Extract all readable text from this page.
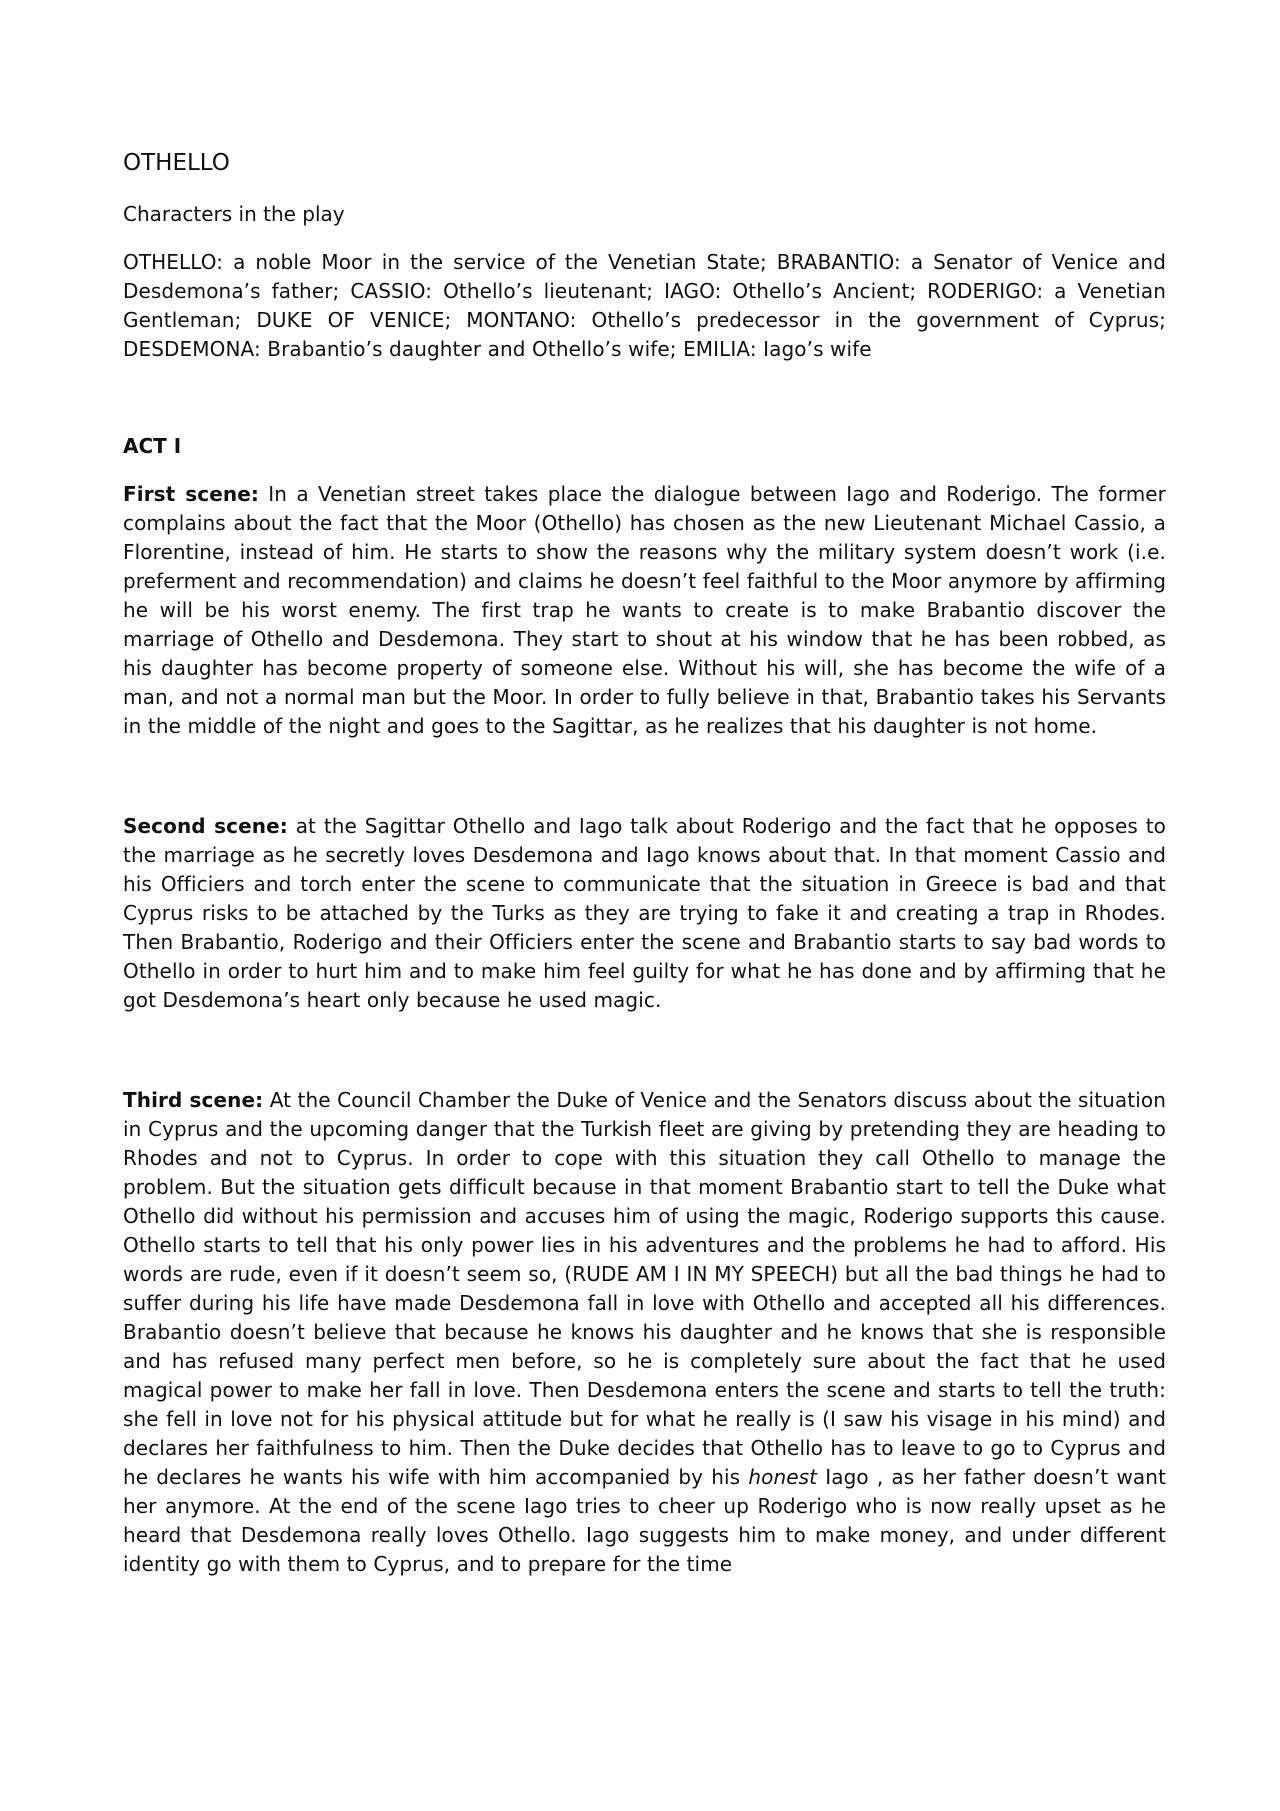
OTHELLO
Characters in the play

OTHELLO: a noble Moor in the service of the Venetian State; BRABANTIO: a Senator of Venice and Desdemona’s father; CASSIO: Othello’s lieutenant; IAGO: Othello’s Ancient; RODERIGO: a Venetian Gentleman; DUKE OF VENICE; MONTANO: Othello’s predecessor in the government of Cyprus; DESDEMONA: Brabantio’s daughter and Othello’s wife; EMILIA: Iago’s wife

ACT I

First scene: In a Venetian street takes place the dialogue between Iago and Roderigo. The former complains about the fact that the Moor (Othello) has chosen as the new Lieutenant Michael Cassio, a Florentine, instead of him. He starts to show the reasons why the military system doesn’t work (i.e. preferment and recommendation) and claims he doesn’t feel faithful to the Moor anymore by affirming he will be his worst enemy. The first trap he wants to create is to make Brabantio discover the marriage of Othello and Desdemona. They start to shout at his window that he has been robbed, as his daughter has become property of someone else. Without his will, she has become the wife of a man, and not a normal man but the Moor. In order to fully believe in that, Brabantio takes his Servants in the middle of the night and goes to the Sagittar, as he realizes that his daughter is not home.

Second scene: at the Sagittar Othello and Iago talk about Roderigo and the fact that he opposes to the marriage as he secretly loves Desdemona and Iago knows about that. In that moment Cassio and his Officiers and torch enter the scene to communicate that the situation in Greece is bad and that Cyprus risks to be attached by the Turks as they are trying to fake it and creating a trap in Rhodes. Then Brabantio, Roderigo and their Officiers enter the scene and Brabantio starts to say bad words to Othello in order to hurt him and to make him feel guilty for what he has done and by affirming that he got Desdemona’s heart only because he used magic.

Third scene: At the Council Chamber the Duke of Venice and the Senators discuss about the situation in Cyprus and the upcoming danger that the Turkish fleet are giving by pretending they are heading to Rhodes and not to Cyprus. In order to cope with this situation they call Othello to manage the problem. But the situation gets difficult because in that moment Brabantio start to tell the Duke what Othello did without his permission and accuses him of using the magic, Roderigo supports this cause. Othello starts to tell that his only power lies in his adventures and the problems he had to afford. His words are rude, even if it doesn’t seem so, (RUDE AM I IN MY SPEECH) but all the bad things he had to suffer during his life have made Desdemona fall in love with Othello and accepted all his differences. Brabantio doesn’t believe that because he knows his daughter and he knows that she is responsible and has refused many perfect men before, so he is completely sure about the fact that he used magical power to make her fall in love. Then Desdemona enters the scene and starts to tell the truth: she fell in love not for his physical attitude but for what he really is (I saw his visage in his mind) and declares her faithfulness to him. Then the Duke decides that Othello has to leave to go to Cyprus and he declares he wants his wife with him accompanied by his honest Iago , as her father doesn’t want her anymore. At the end of the scene Iago tries to cheer up Roderigo who is now really upset as he heard that Desdemona really loves Othello. Iago suggests him to make money, and under different identity go with them to Cyprus, and to prepare for the time
